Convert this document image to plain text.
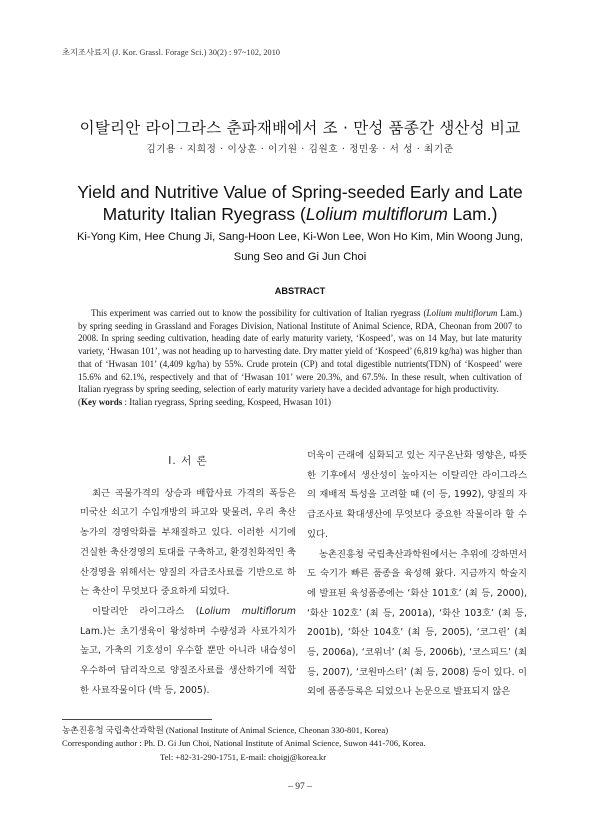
초지조사료지 (J. Kor. Grassl. Forage Sci.) 30(2) : 97~102, 2010
이탈리안 라이그라스 춘파재배에서 조 · 만성 품종간 생산성 비교
김기용 · 지희정 · 이상훈 · 이기원 · 김원호 · 정민웅 · 서 성 · 최기준
Yield and Nutritive Value of Spring-seeded Early and Late
Maturity Italian Ryegrass (Lolium multiflorum Lam.)
Ki-Yong Kim, Hee Chung Ji, Sang-Hoon Lee, Ki-Won Lee, Won Ho Kim, Min Woong Jung,
Sung Seo and Gi Jun Choi
ABSTRACT

This experiment was carried out to know the possibility for cultivation of Italian ryegrass (Lolium multiflorum Lam.) by spring seeding in Grassland and Forages Division, National Institute of Animal Science, RDA, Cheonan from 2007 to 2008. In spring seeding cultivation, heading date of early maturity variety, ‘Kospeed’, was on 14 May, but late maturity variety, ‘Hwasan 101’, was not heading up to harvesting date. Dry matter yield of ‘Kospeed’ (6,819 kg/ha) was higher than that of ‘Hwasan 101’ (4,409 kg/ha) by 55%. Crude protein (CP) and total digestible nutrients(TDN) of ‘Kospeed’ were 15.6% and 62.1%, respectively and that of ‘Hwasan 101’ were 20.3%, and 67.5%. In these result, when cultivation of Italian ryegrass by spring seeding, selection of early maturity variety have a decided advantage for high productivity.

(Key words : Italian ryegrass, Spring seeding, Kospeed, Hwasan 101)
Ⅰ. 서 론

최근 곡물가격의 상승과 배합사료 가격의 폭등은 미국산 쇠고기 수입개방의 파고와 맞물려, 우리 축산농가의 경영악화를 부채질하고 있다. 이러한 시기에 건실한 축산경영의 토대를 구축하고, 환경친화적인 축산경영을 위해서는 양질의 자급조사료를 기반으로 하는 축산이 무엇보다 중요하게 되었다.

이탈리안 라이그라스 (Lolium multiflorum Lam.)는 초기생육이 왕성하며 수량성과 사료가치가 높고, 가축의 기호성이 우수할 뿐만 아니라 내습성이 우수하여 답리작으로 양질조사료를 생산하기에 적합한 사료작물이다 (박 등, 2005).

더욱이 근래에 심화되고 있는 지구온난화 영향은, 따뜻한 기후에서 생산성이 높아지는 이탈리안 라이그라스의 재배적 특성을 고려할 때 (이 등, 1992), 양질의 자급조사료 확대생산에 무엇보다 중요한 작물이라 할 수 있다.

농촌진흥청 국립축산과학원에서는 추위에 강하면서도 숙기가 빠른 품종을 육성해 왔다. 지금까지 학술지에 발표된 육성품종에는 ‘화산 101호’ (최 등, 2000), ‘화산 102호’ (최 등, 2001a), ‘화산 103호’ (최 등, 2001b), ‘화산 104호’ (최 등, 2005), ‘코그린’ (최 등, 2006a), ‘코위너’ (최 등, 2006b), ‘코스피드’ (최 등, 2007), ‘코원마스터’ (최 등, 2008) 등이 있다. 이 외에 품종등록은 되었으나 논문으로 발표되지 않은

농촌진흥청 국립축산과학원 (National Institute of Animal Science, Cheonan 330-801, Korea)
Corresponding author : Ph. D. Gi Jun Choi, National Institute of Animal Science, Suwon 441-706, Korea.
Tel: +82-31-290-1751, E-mail: choigj@korea.kr
– 97 –
